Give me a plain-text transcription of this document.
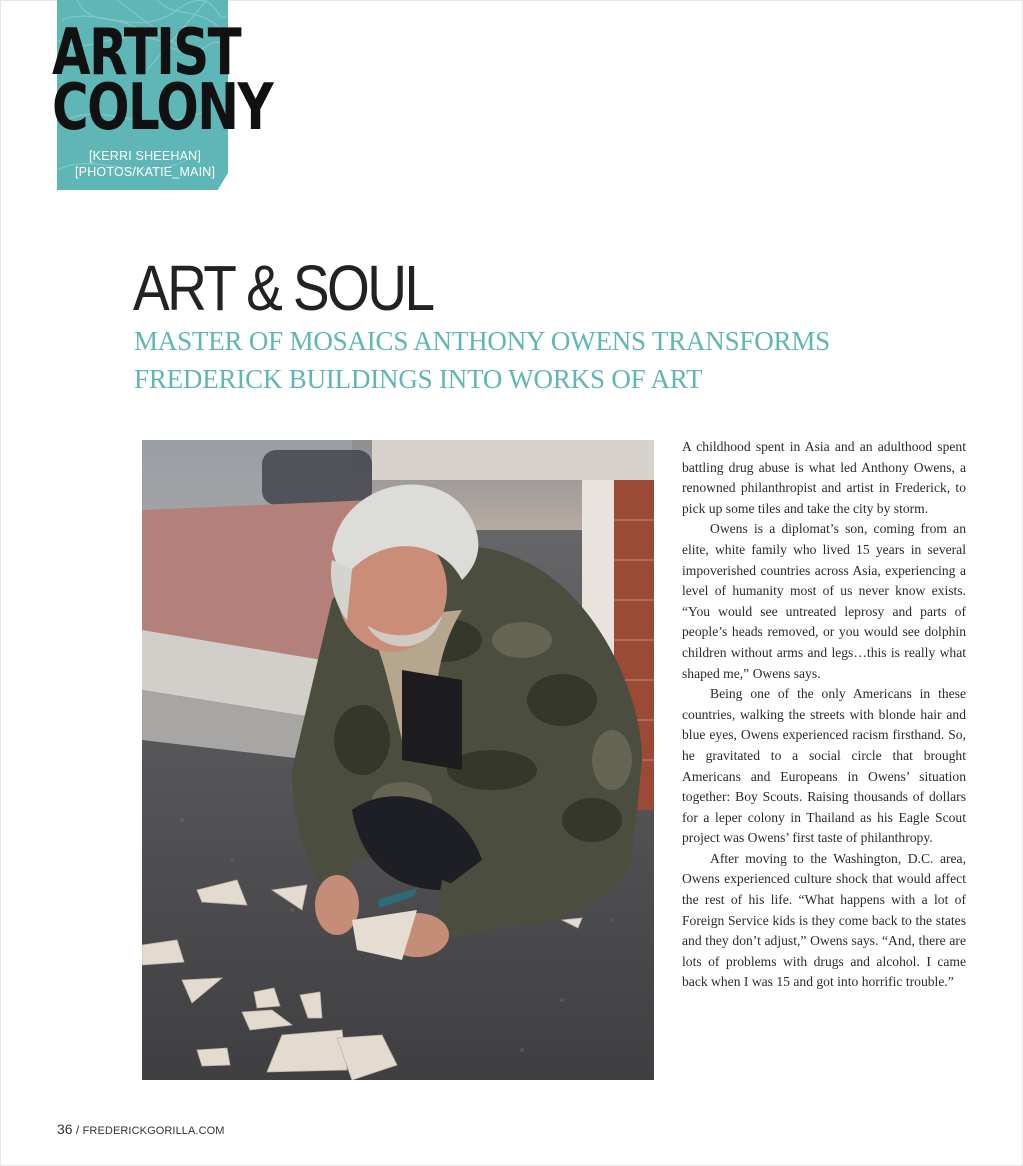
ARTIST
COLONY
[KERRI SHEEHAN]
[PHOTOS/KATIE_MAIN]
ART & SOUL

MASTER OF MOSAICS ANTHONY OWENS TRANSFORMS FREDERICK BUILDINGS INTO WORKS OF ART

A childhood spent in Asia and an adulthood spent battling drug abuse is what led Anthony Owens, a renowned philanthropist and artist in Frederick, to pick up some tiles and take the city by storm.

Owens is a diplomat’s son, coming from an elite, white family who lived 15 years in several impoverished countries across Asia, experiencing a level of humanity most of us never know exists. “You would see untreated leprosy and parts of people’s heads removed, or you would see dolphin children without arms and legs…this is really what shaped me,” Owens says.

Being one of the only Americans in these countries, walking the streets with blonde hair and blue eyes, Owens experienced racism firsthand. So, he gravitated to a social circle that brought Americans and Europeans in Owens’ situation together: Boy Scouts. Raising thousands of dollars for a leper colony in Thailand as his Eagle Scout project was Owens’ first taste of philanthropy.

After moving to the Washington, D.C. area, Owens experienced culture shock that would affect the rest of his life. “What happens with a lot of Foreign Service kids is they come back to the states and they don’t adjust,” Owens says. “And, there are lots of problems with drugs and alcohol. I came back when I was 15 and got into horrific trouble.”

36 / FREDERICKGORILLA.COM
